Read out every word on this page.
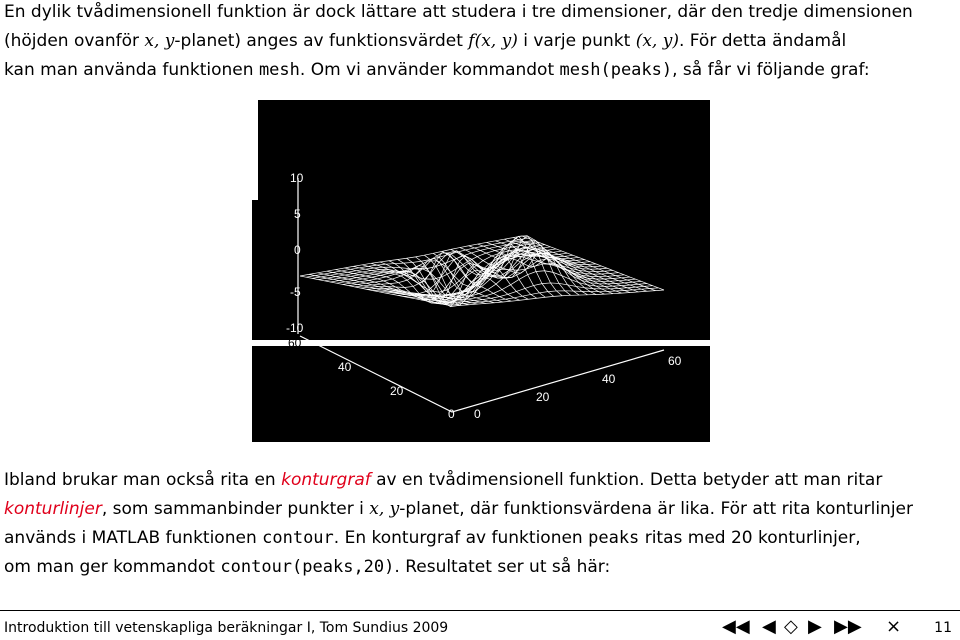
En dylik tvådimensionell funktion är dock lättare att studera i tre dimensioner, där den tredje dimensionen
(höjden ovanför x, y-planet) anges av funktionsvärdet f(x, y) i varje punkt (x, y). För detta ändamål
kan man använda funktionen mesh. Om vi använder kommandot mesh(peaks), så får vi följande graf:
10
5
0
-5
-10
60
40
20
0
60
40
20
0
Ibland brukar man också rita en konturgraf av en tvådimensionell funktion. Detta betyder att man ritar
konturlinjer, som sammanbinder punkter i x, y-planet, där funktionsvärdena är lika. För att rita konturlinjer
används i MATLAB funktionen contour. En konturgraf av funktionen peaks ritas med 20 konturlinjer,
om man ger kommandot contour(peaks,20). Resultatet ser ut så här:
Introduktion till vetenskapliga beräkningar I, Tom Sundius 2009	◀◀ ◀ ◇ ▶ ▶▶ × 11
